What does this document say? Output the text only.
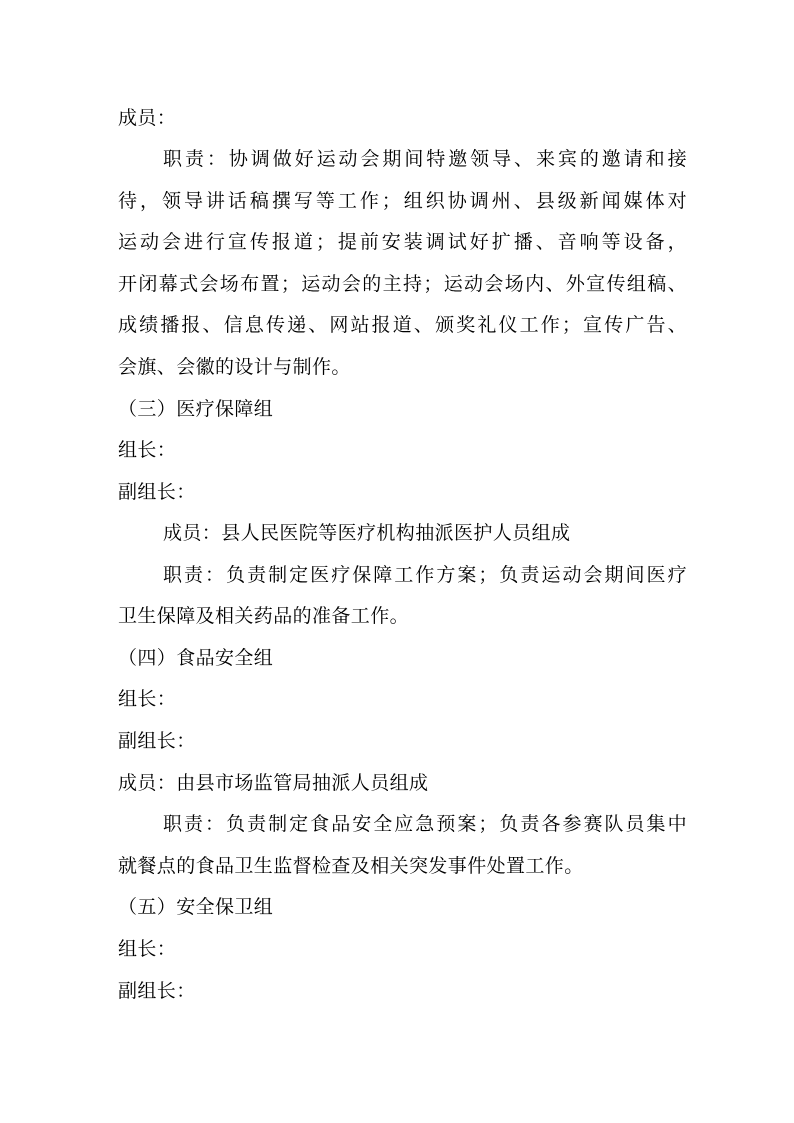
成员：

职责：协调做好运动会期间特邀领导、来宾的邀请和接

待，领导讲话稿撰写等工作；组织协调州、县级新闻媒体对

运动会进行宣传报道；提前安装调试好扩播、音响等设备，

开闭幕式会场布置；运动会的主持；运动会场内、外宣传组稿、

成绩播报、信息传递、网站报道、颁奖礼仪工作；宣传广告、

会旗、会徽的设计与制作。

（三）医疗保障组

组长：

副组长：

成员：县人民医院等医疗机构抽派医护人员组成

职责：负责制定医疗保障工作方案；负责运动会期间医疗

卫生保障及相关药品的准备工作。

（四）食品安全组

组长：

副组长：

成员：由县市场监管局抽派人员组成

职责：负责制定食品安全应急预案；负责各参赛队员集中

就餐点的食品卫生监督检查及相关突发事件处置工作。

（五）安全保卫组

组长：

副组长：
